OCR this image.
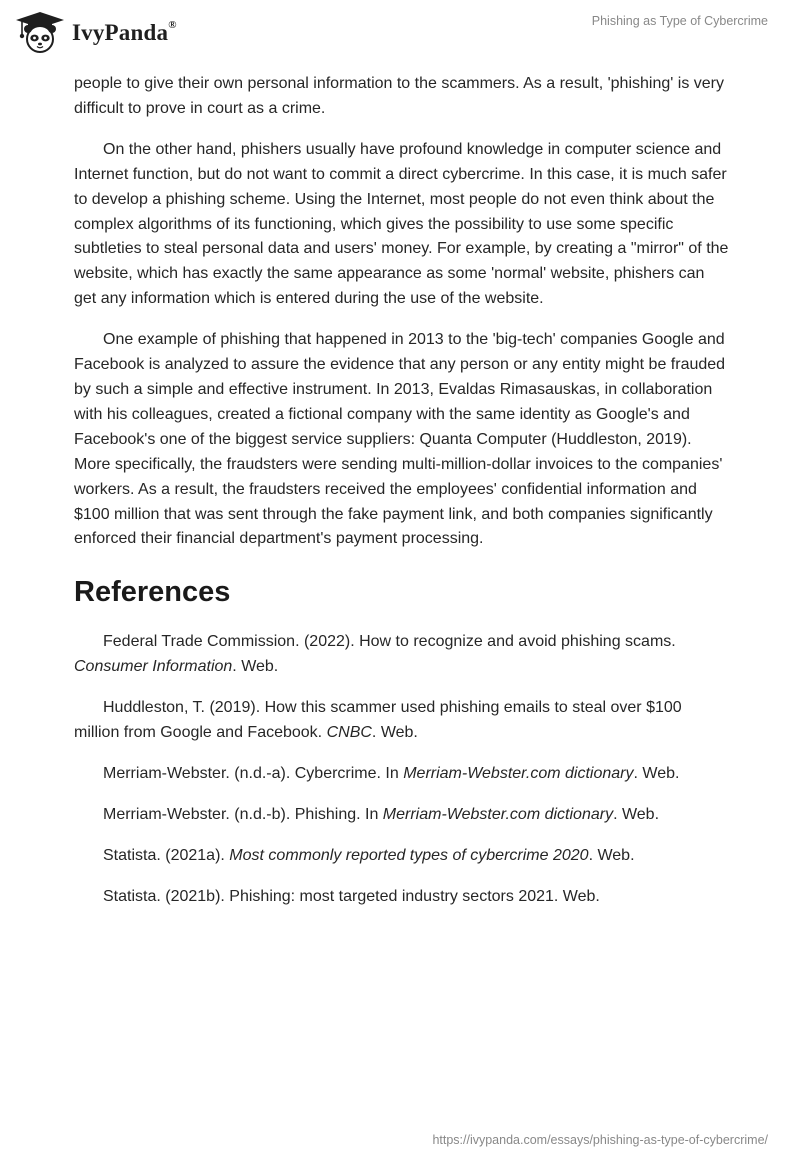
IvyPanda®	Phishing as Type of Cybercrime

people to give their own personal information to the scammers. As a result, 'phishing' is very difficult to prove in court as a crime.

On the other hand, phishers usually have profound knowledge in computer science and Internet function, but do not want to commit a direct cybercrime. In this case, it is much safer to develop a phishing scheme. Using the Internet, most people do not even think about the complex algorithms of its functioning, which gives the possibility to use some specific subtleties to steal personal data and users' money. For example, by creating a "mirror" of the website, which has exactly the same appearance as some 'normal' website, phishers can get any information which is entered during the use of the website.

One example of phishing that happened in 2013 to the 'big-tech' companies Google and Facebook is analyzed to assure the evidence that any person or any entity might be frauded by such a simple and effective instrument. In 2013, Evaldas Rimasauskas, in collaboration with his colleagues, created a fictional company with the same identity as Google's and Facebook's one of the biggest service suppliers: Quanta Computer (Huddleston, 2019). More specifically, the fraudsters were sending multi-million-dollar invoices to the companies' workers. As a result, the fraudsters received the employees' confidential information and $100 million that was sent through the fake payment link, and both companies significantly enforced their financial department's payment processing.

References
Federal Trade Commission. (2022). How to recognize and avoid phishing scams. Consumer Information. Web.
Huddleston, T. (2019). How this scammer used phishing emails to steal over $100 million from Google and Facebook. CNBC. Web.
Merriam-Webster. (n.d.-a). Cybercrime. In Merriam-Webster.com dictionary. Web.
Merriam-Webster. (n.d.-b). Phishing. In Merriam-Webster.com dictionary. Web.
Statista. (2021a). Most commonly reported types of cybercrime 2020. Web.
Statista. (2021b). Phishing: most targeted industry sectors 2021. Web.
https://ivypanda.com/essays/phishing-as-type-of-cybercrime/
